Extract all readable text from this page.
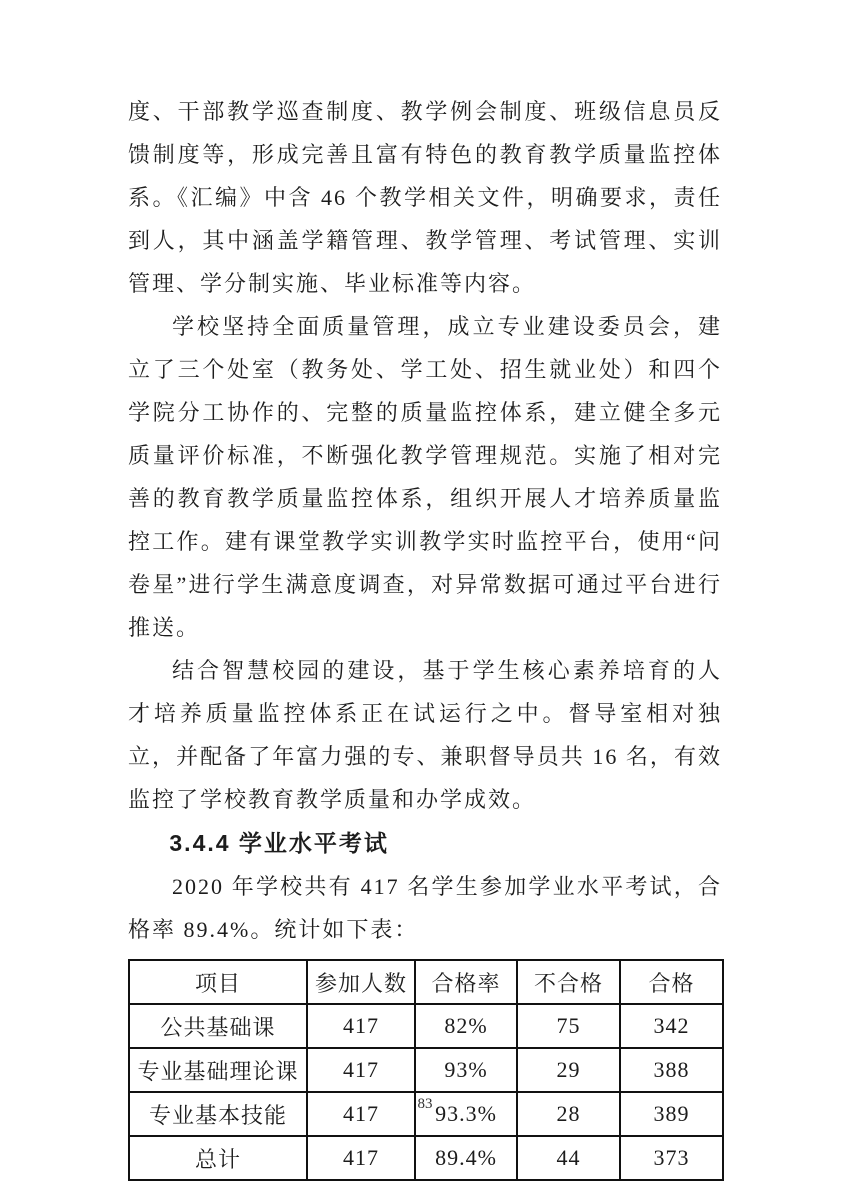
度、干部教学巡查制度、教学例会制度、班级信息员反馈制度等，形成完善且富有特色的教育教学质量监控体系。《汇编》中含 46 个教学相关文件，明确要求，责任到人，其中涵盖学籍管理、教学管理、考试管理、实训管理、学分制实施、毕业标准等内容。

学校坚持全面质量管理，成立专业建设委员会，建立了三个处室（教务处、学工处、招生就业处）和四个学院分工协作的、完整的质量监控体系，建立健全多元质量评价标准，不断强化教学管理规范。实施了相对完善的教育教学质量监控体系，组织开展人才培养质量监控工作。建有课堂教学实训教学实时监控平台，使用“问卷星”进行学生满意度调查，对异常数据可通过平台进行推送。

结合智慧校园的建设，基于学生核心素养培育的人才培养质量监控体系正在试运行之中。督导室相对独立，并配备了年富力强的专、兼职督导员共 16 名，有效监控了学校教育教学质量和办学成效。

3.4.4 学业水平考试

2020 年学校共有 417 名学生参加学业水平考试，合格率 89.4%。统计如下表：

项目	参加人数	合格率	不合格	合格
公共基础课	417	82%	75	342
专业基础理论课	417	93%	29	388
专业基本技能	417	93.3%	28	389
总计	417	89.4%	44	373
83
